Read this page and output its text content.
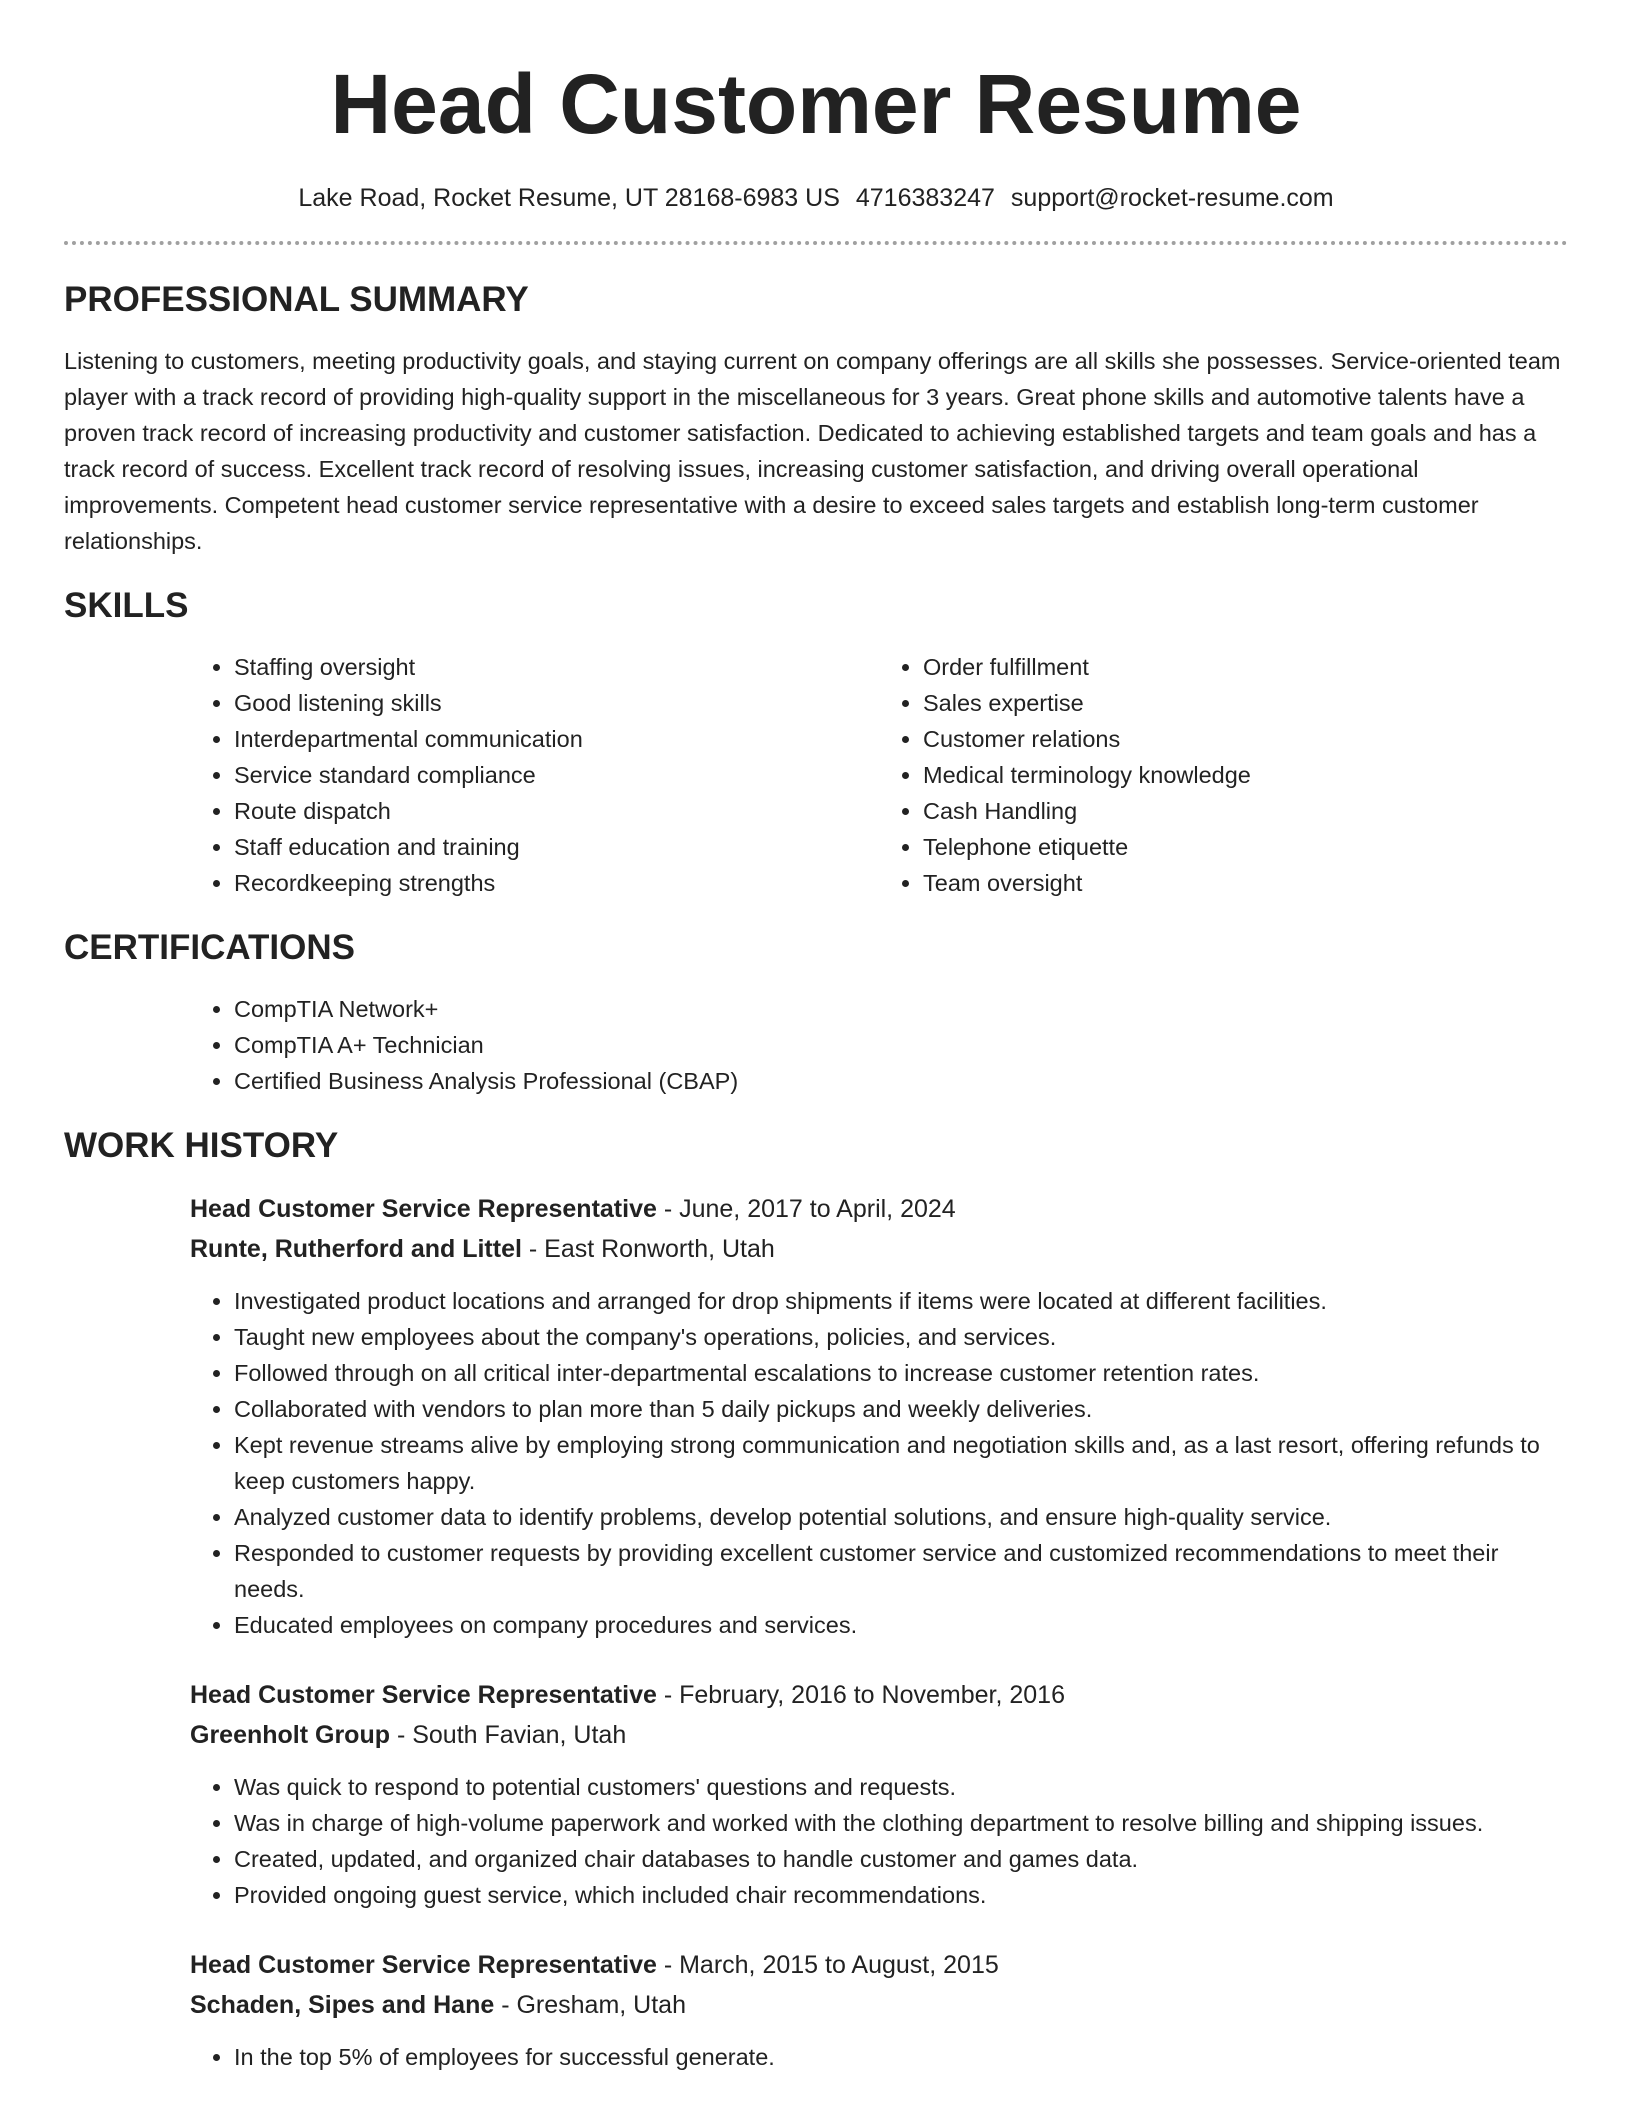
Head Customer Resume
Lake Road, Rocket Resume, UT 28168-6983 US 4716383247 support@rocket-resume.com
PROFESSIONAL SUMMARY

Listening to customers, meeting productivity goals, and staying current on company offerings are all skills she possesses. Service-oriented team player with a track record of providing high-quality support in the miscellaneous for 3 years. Great phone skills and automotive talents have a proven track record of increasing productivity and customer satisfaction. Dedicated to achieving established targets and team goals and has a track record of success. Excellent track record of resolving issues, increasing customer satisfaction, and driving overall operational improvements. Competent head customer service representative with a desire to exceed sales targets and establish long-term customer relationships.

SKILLS
• Staffing oversight
• Good listening skills
• Interdepartmental communication
• Service standard compliance
• Route dispatch
• Staff education and training
• Recordkeeping strengths
• Order fulfillment
• Sales expertise
• Customer relations
• Medical terminology knowledge
• Cash Handling
• Telephone etiquette
• Team oversight
CERTIFICATIONS
• CompTIA Network+
• CompTIA A+ Technician
• Certified Business Analysis Professional (CBAP)
WORK HISTORY
Head Customer Service Representative - June, 2017 to April, 2024
Runte, Rutherford and Littel - East Ronworth, Utah
• Investigated product locations and arranged for drop shipments if items were located at different facilities.
• Taught new employees about the company's operations, policies, and services.
• Followed through on all critical inter-departmental escalations to increase customer retention rates.
• Collaborated with vendors to plan more than 5 daily pickups and weekly deliveries.
• Kept revenue streams alive by employing strong communication and negotiation skills and, as a last resort, offering refunds to keep customers happy.
• Analyzed customer data to identify problems, develop potential solutions, and ensure high-quality service.
• Responded to customer requests by providing excellent customer service and customized recommendations to meet their needs.
• Educated employees on company procedures and services.
Head Customer Service Representative - February, 2016 to November, 2016
Greenholt Group - South Favian, Utah
• Was quick to respond to potential customers' questions and requests.
• Was in charge of high-volume paperwork and worked with the clothing department to resolve billing and shipping issues.
• Created, updated, and organized chair databases to handle customer and games data.
• Provided ongoing guest service, which included chair recommendations.
Head Customer Service Representative - March, 2015 to August, 2015
Schaden, Sipes and Hane - Gresham, Utah
• In the top 5% of employees for successful generate.
